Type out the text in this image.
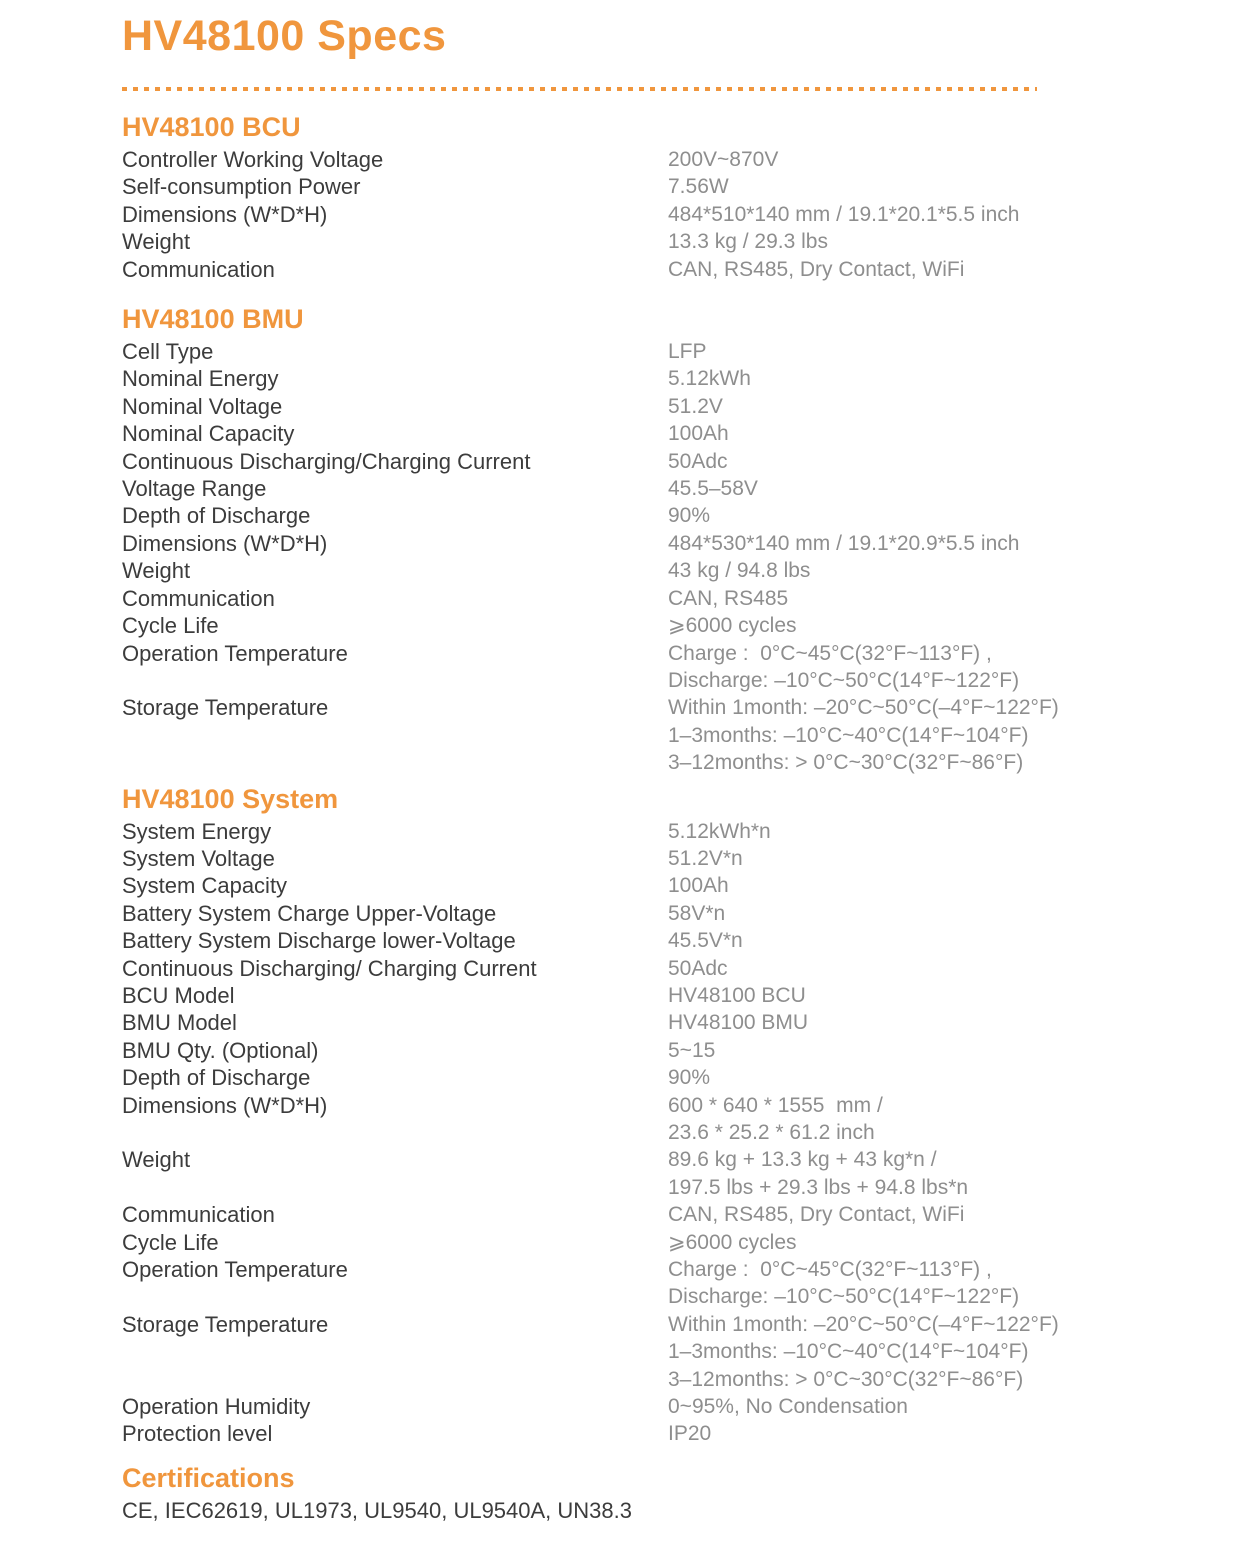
HV48100 Specs
HV48100 BCU
Controller Working Voltage	200V~870V
Self-consumption Power	7.56W
Dimensions (W*D*H)	484*510*140 mm / 19.1*20.1*5.5 inch
Weight	13.3 kg / 29.3 lbs
Communication	CAN, RS485, Dry Contact, WiFi
HV48100 BMU
Cell Type	LFP
Nominal Energy	5.12kWh
Nominal Voltage	51.2V
Nominal Capacity	100Ah
Continuous Discharging/Charging Current	50Adc
Voltage Range	45.5–58V
Depth of Discharge	90%
Dimensions (W*D*H)	484*530*140 mm / 19.1*20.9*5.5 inch
Weight	43 kg / 94.8 lbs
Communication	CAN, RS485
Cycle Life	⩾6000 cycles
Operation Temperature	Charge :  0°C~45°C(32°F~113°F) ,
Discharge: –10°C~50°C(14°F~122°F)
Storage Temperature	Within 1month: –20°C~50°C(–4°F~122°F)
1–3months: –10°C~40°C(14°F~104°F)
3–12months: > 0°C~30°C(32°F~86°F)
HV48100 System
System Energy	5.12kWh*n
System Voltage	51.2V*n
System Capacity	100Ah
Battery System Charge Upper-Voltage	58V*n
Battery System Discharge lower-Voltage	45.5V*n
Continuous Discharging/ Charging Current	50Adc
BCU Model	HV48100 BCU
BMU Model	HV48100 BMU
BMU Qty. (Optional)	5~15
Depth of Discharge	90%
Dimensions (W*D*H)	600 * 640 * 1555  mm /
23.6 * 25.2 * 61.2 inch
Weight	89.6 kg + 13.3 kg + 43 kg*n /
197.5 lbs + 29.3 lbs + 94.8 lbs*n
Communication	CAN, RS485, Dry Contact, WiFi
Cycle Life	⩾6000 cycles
Operation Temperature	Charge :  0°C~45°C(32°F~113°F) ,
Discharge: –10°C~50°C(14°F~122°F)
Storage Temperature	Within 1month: –20°C~50°C(–4°F~122°F)
1–3months: –10°C~40°C(14°F~104°F)
3–12months: > 0°C~30°C(32°F~86°F)
Operation Humidity	0~95%, No Condensation
Protection level	IP20
Certifications
CE, IEC62619, UL1973, UL9540, UL9540A, UN38.3
